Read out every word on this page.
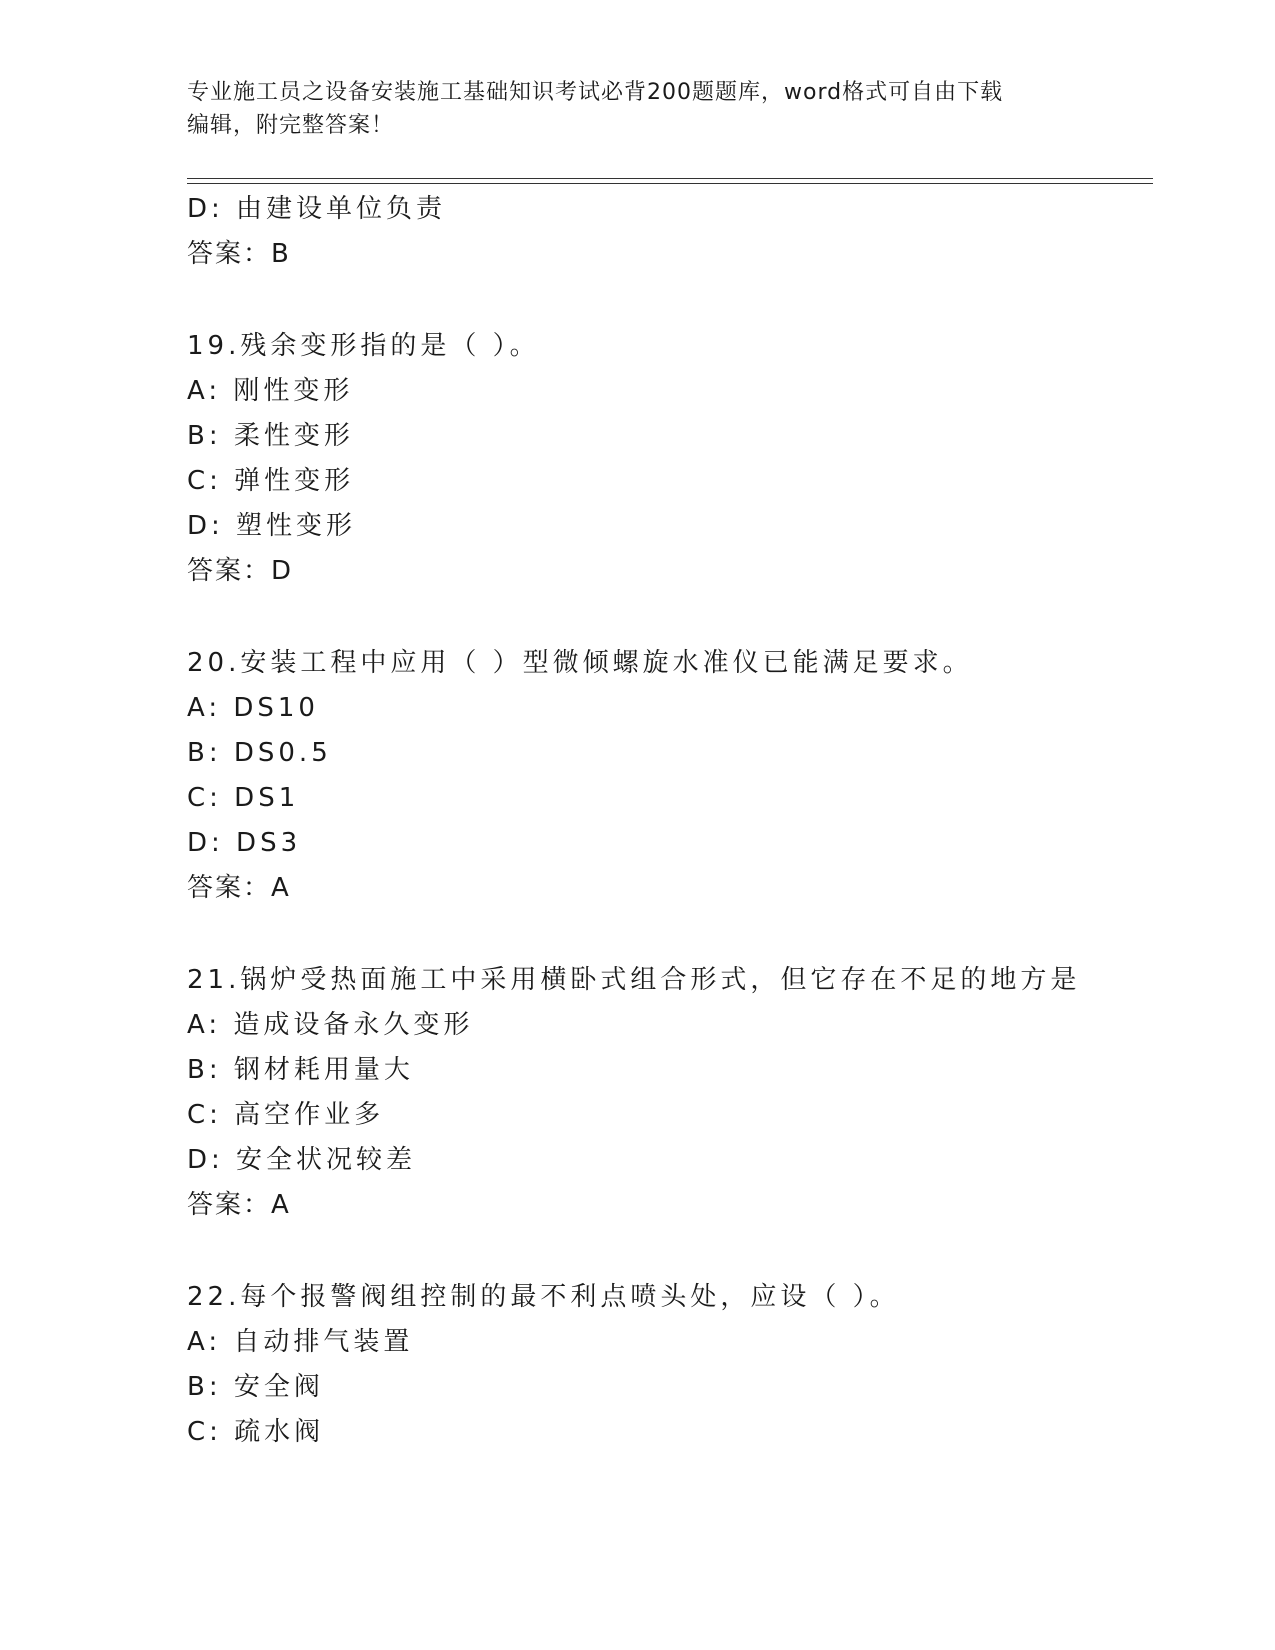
专业施工员之设备安装施工基础知识考试必背200题题库，word格式可自由下载
编辑，附完整答案！
D: 由建设单位负责
答案：B
19.残余变形指的是（ ）。
A: 刚性变形
B: 柔性变形
C: 弹性变形
D: 塑性变形
答案：D
20.安装工程中应用（ ）型微倾螺旋水准仪已能满足要求。
A: DS10
B: DS0.5
C: DS1
D: DS3
答案：A
21.锅炉受热面施工中采用横卧式组合形式，但它存在不足的地方是
A: 造成设备永久变形
B: 钢材耗用量大
C: 高空作业多
D: 安全状况较差
答案：A
22.每个报警阀组控制的最不利点喷头处，应设（ ）。
A: 自动排气装置
B: 安全阀
C: 疏水阀
